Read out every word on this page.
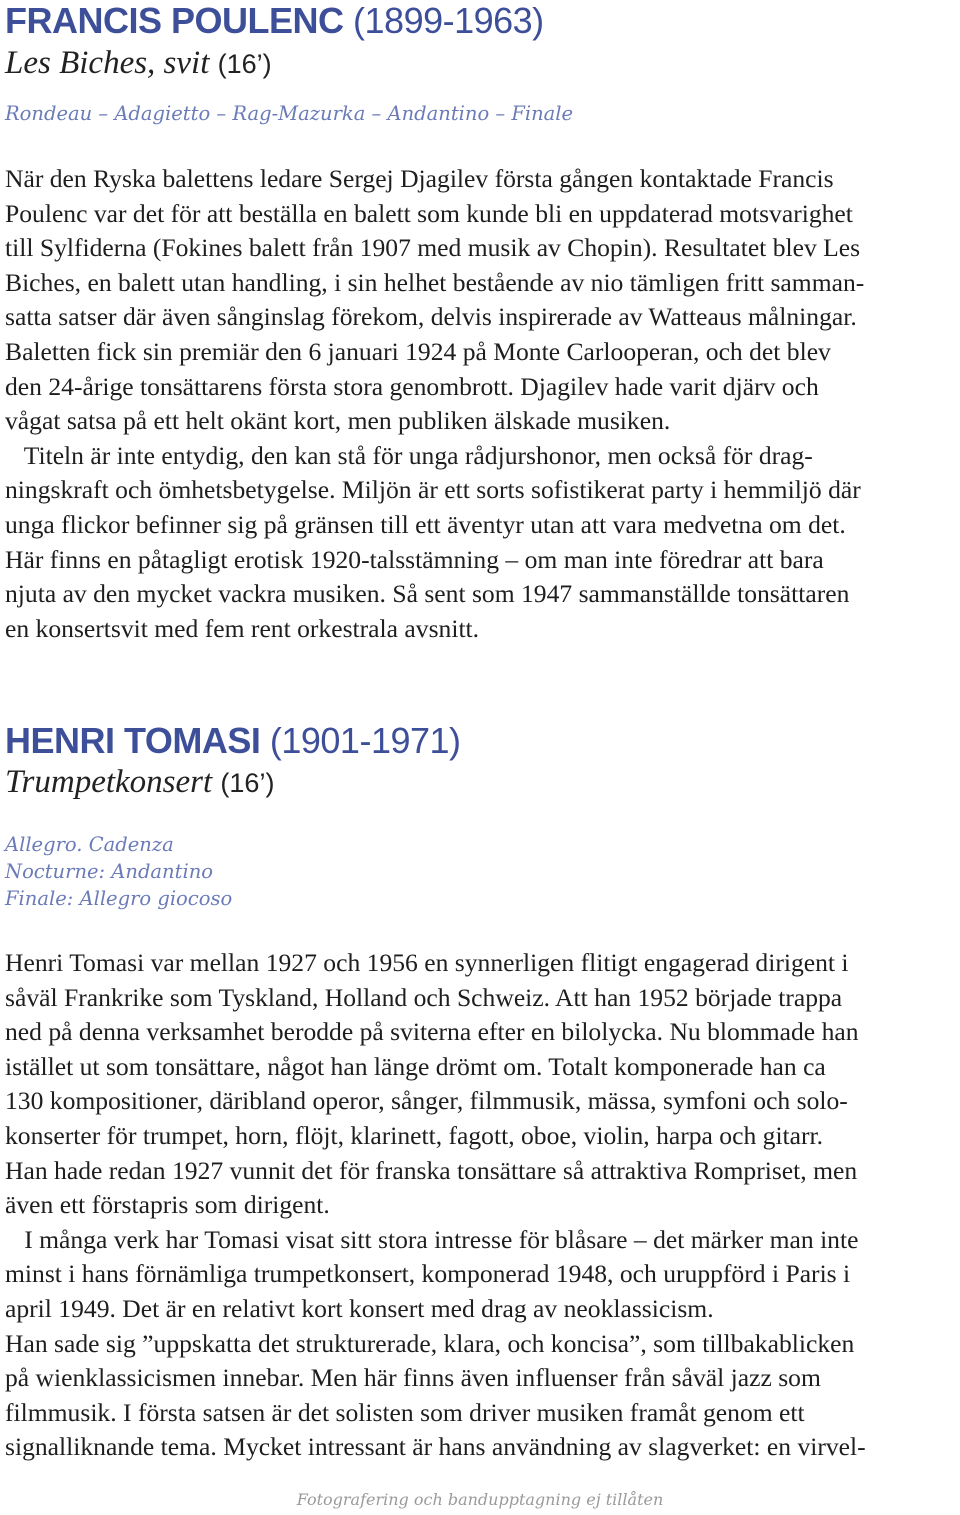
FRANCIS POULENC (1899-1963)
Les Biches, svit (16’)
Rondeau – Adagietto – Rag-Mazurka – Andantino – Finale
När den Ryska balettens ledare Sergej Djagilev första gången kontaktade Francis
Poulenc var det för att beställa en balett som kunde bli en uppdaterad motsvarighet
till Sylfiderna (Fokines balett från 1907 med musik av Chopin). Resultatet blev Les
Biches, en balett utan handling, i sin helhet bestående av nio tämligen fritt samman-
satta satser där även sånginslag förekom, delvis inspirerade av Watteaus målningar.
Baletten fick sin premiär den 6 januari 1924 på Monte Carlooperan, och det blev
den 24-årige tonsättarens första stora genombrott. Djagilev hade varit djärv och
vågat satsa på ett helt okänt kort, men publiken älskade musiken.
Titeln är inte entydig, den kan stå för unga rådjurshonor, men också för drag-
ningskraft och ömhetsbetygelse. Miljön är ett sorts sofistikerat party i hemmiljö där
unga flickor befinner sig på gränsen till ett äventyr utan att vara medvetna om det.
Här finns en påtagligt erotisk 1920-talsstämning – om man inte föredrar att bara
njuta av den mycket vackra musiken. Så sent som 1947 sammanställde tonsättaren
en konsertsvit med fem rent orkestrala avsnitt.
HENRI TOMASI (1901-1971)
Trumpetkonsert (16’)
Allegro. Cadenza
Nocturne: Andantino
Finale: Allegro giocoso
Henri Tomasi var mellan 1927 och 1956 en synnerligen flitigt engagerad dirigent i
såväl Frankrike som Tyskland, Holland och Schweiz. Att han 1952 började trappa
ned på denna verksamhet berodde på sviterna efter en bilolycka. Nu blommade han
istället ut som tonsättare, något han länge drömt om. Totalt komponerade han ca
130 kompositioner, däribland operor, sånger, filmmusik, mässa, symfoni och solo-
konserter för trumpet, horn, flöjt, klarinett, fagott, oboe, violin, harpa och gitarr.
Han hade redan 1927 vunnit det för franska tonsättare så attraktiva Rompriset, men
även ett förstapris som dirigent.
I många verk har Tomasi visat sitt stora intresse för blåsare – det märker man inte
minst i hans förnämliga trumpetkonsert, komponerad 1948, och uruppförd i Paris i
april 1949. Det är en relativt kort konsert med drag av neoklassicism.
Han sade sig ”uppskatta det strukturerade, klara, och koncisa”, som tillbakablicken
på wienklassicismen innebar. Men här finns även influenser från såväl jazz som
filmmusik. I första satsen är det solisten som driver musiken framåt genom ett
signalliknande tema. Mycket intressant är hans användning av slagverket: en virvel-
Fotografering och bandupptagning ej tillåten
